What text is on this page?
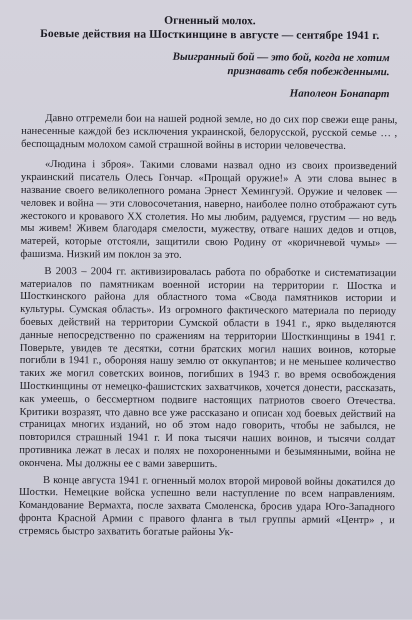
Огненный молох.
Боевые действия на Шосткинщине в августе — сентябре 1941 г.
Выигранный бой — это бой, когда не хотим
признавать себя побежденными.
Наполеон Бонапарт

Давно отгремели бои на нашей родной земле, но до сих пор свежи еще раны, нанесенные каждой без исключения украинской, белорусской, русской семье … , беспощадным молохом самой страшной войны в истории человечества.

«Людина і зброя». Такими словами назвал одно из своих произведений украинский писатель Олесь Гончар. «Прощай оружие!» А эти слова вынес в название своего великолепного романа Эрнест Хемингуэй. Оружие и человек — человек и война — эти словосочетания, наверно, наиболее полно отображают суть жестокого и кровавого XX столетия. Но мы любим, радуемся, грустим — но ведь мы живем! Живем благодаря смелости, мужеству, отваге наших дедов и отцов, матерей, которые отстояли, защитили свою Родину от «коричневой чумы» — фашизма. Низкий им поклон за это.

В 2003 – 2004 гг. активизировалась работа по обработке и систематизации материалов по памятникам военной истории на территории г. Шостка и Шосткинского района для областного тома «Свода памятников истории и культуры. Сумская область». Из огромного фактического материала по периоду боевых действий на территории Сумской области в 1941 г., ярко выделяются данные непосредственно по сражениям на территории Шосткинщины в 1941 г. Поверьте, увидев те десятки, сотни братских могил наших воинов, которые погибли в 1941 г., обороняя нашу землю от оккупантов; и не меньшее количество таких же могил советских воинов, погибших в 1943 г. во время освобождения Шосткинщины от немецко-фашистских захватчиков, хочется донести, рассказать, как умеешь, о бессмертном подвиге настоящих патриотов своего Отечества. Критики возразят, что давно все уже рассказано и описан ход боевых действий на страницах многих изданий, но об этом надо говорить, чтобы не забылся, не повторился страшный 1941 г. И пока тысячи наших воинов, и тысячи солдат противника лежат в лесах и полях не похороненными и безымянными, война не окончена. Мы должны ее с вами завершить.

В конце августа 1941 г. огненный молох второй мировой войны докатился до Шостки. Немецкие войска успешно вели наступление по всем направлениям. Командование Вермахта, после захвата Смоленска, бросив удара Юго-Западного фронта Красной Армии с правого фланга в тыл группы армий «Центр» , и стремясь быстро захватить богатые районы Ук-
